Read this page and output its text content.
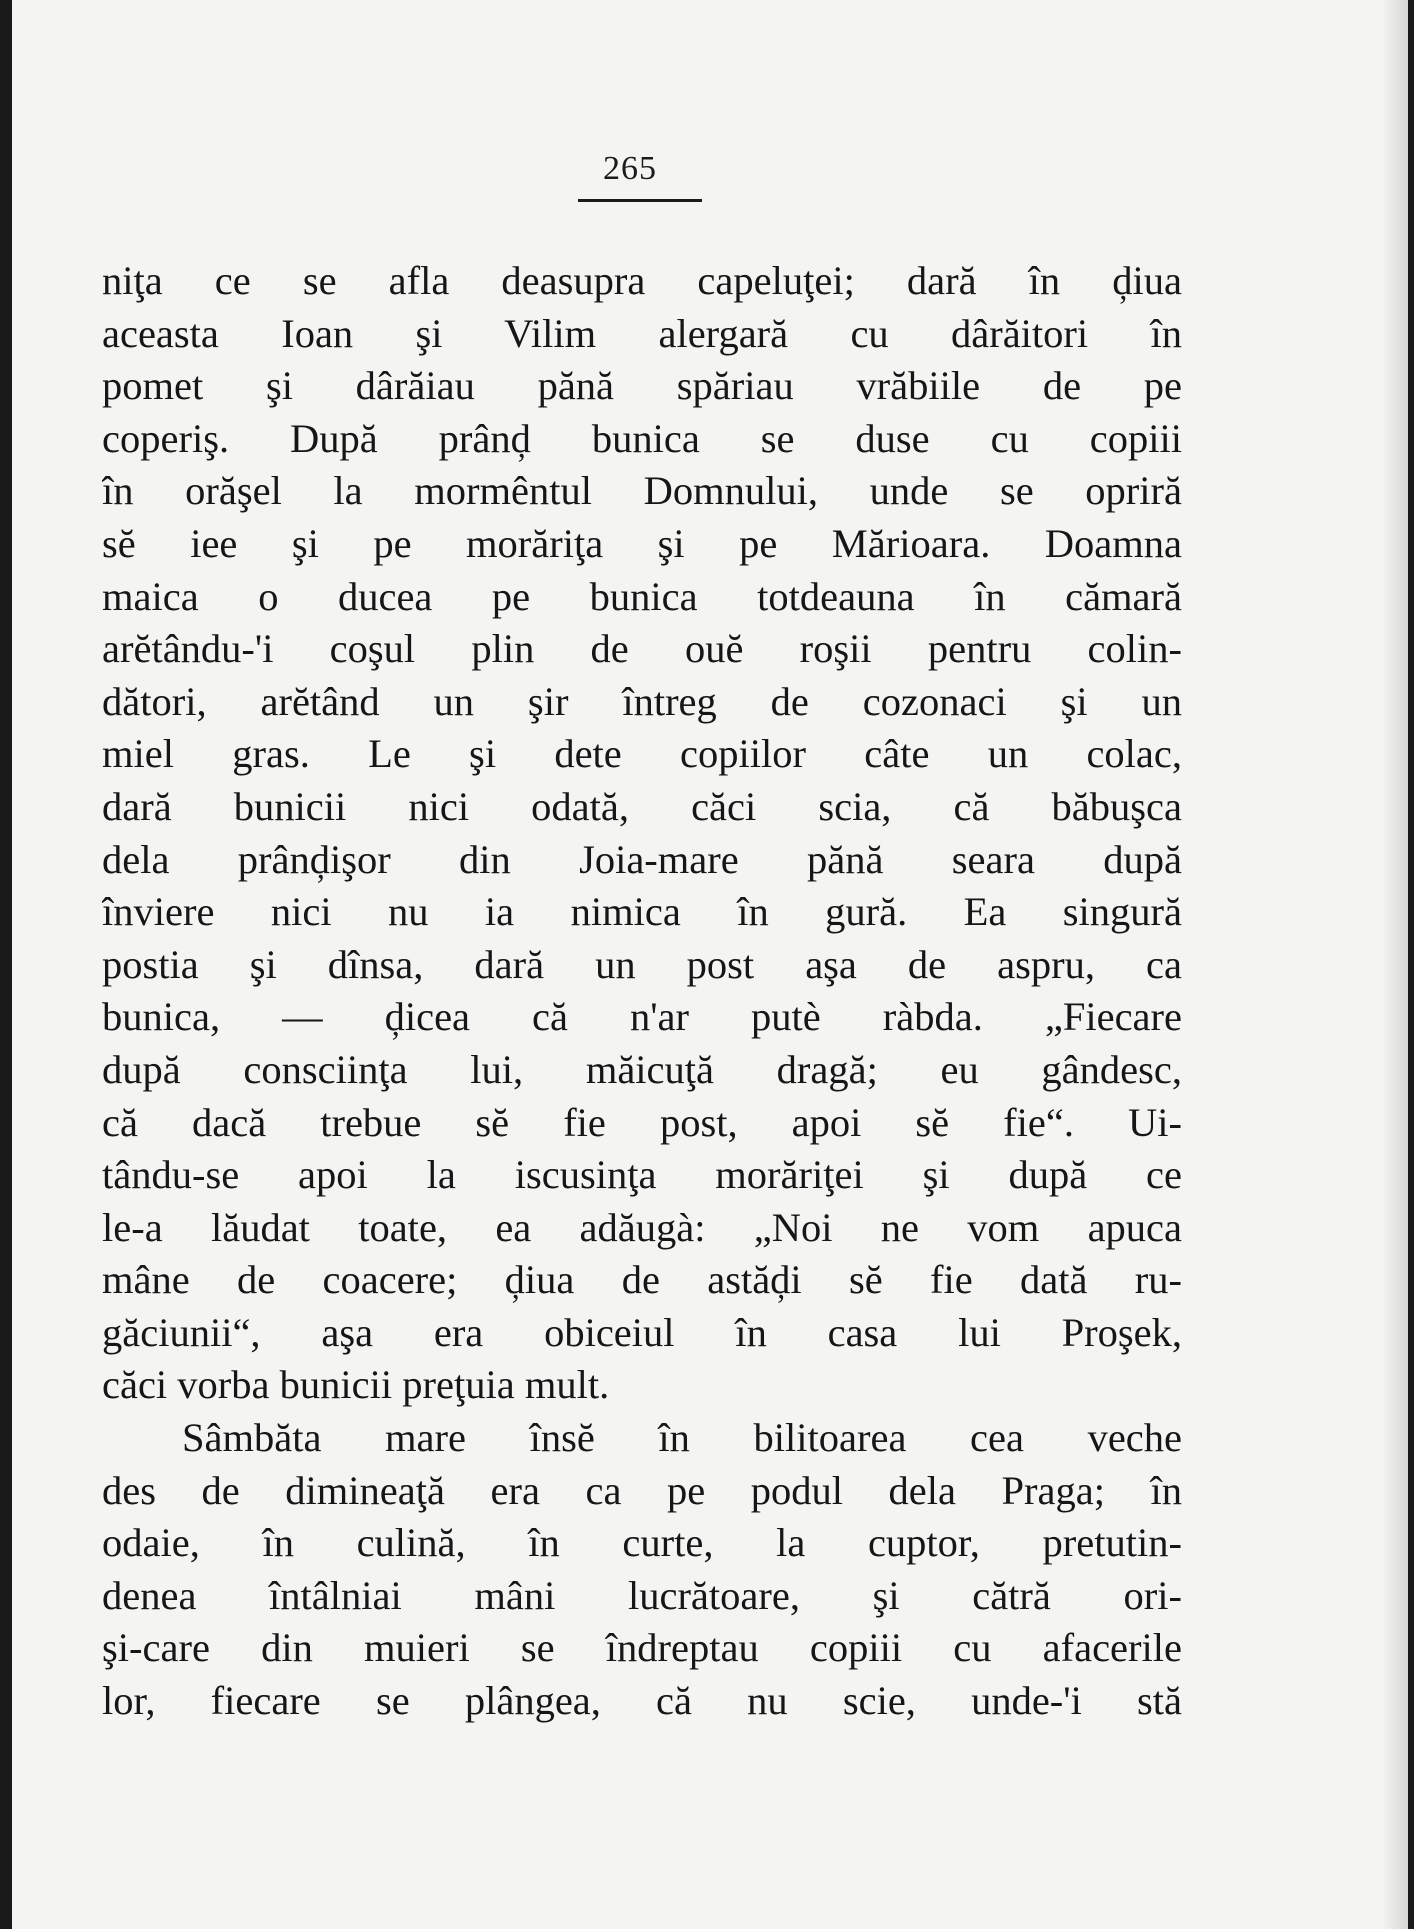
265
niţa ce se afla deasupra capeluţei; dară în ḑiua
aceasta Ioan şi Vilim alergară cu dârăitori în
pomet şi dârăiau pănă spăriau vrăbiile de pe
coperiş. După prânḑ bunica se duse cu copiii
în orăşel la mormêntul Domnului, unde se opriră
sĕ iee şi pe morăriţa şi pe Mărioara. Doamna
maica o ducea pe bunica totdeauna în cămară
arĕtându-'i coşul plin de ouĕ roşii pentru colin-
dători, arĕtând un şir întreg de cozonaci şi un
miel gras. Le şi dete copiilor câte un colac,
dară bunicii nici odată, căci scia, că băbuşca
dela prânḑişor din Joia-mare pănă seara după
înviere nici nu ia nimica în gură. Ea singură
postia şi dînsa, dară un post aşa de aspru, ca
bunica, — ḑicea că n'ar putè ràbda. „Fiecare
după consciinţa lui, măicuţă dragă; eu gândesc,
că dacă trebue sĕ fie post, apoi sĕ fie“. Ui-
tându-se apoi la iscusinţa morăriţei şi după ce
le-a lăudat toate, ea adăugà: „Noi ne vom apuca
mâne de coacere; ḑiua de astăḑi sĕ fie dată ru-
găciunii“, aşa era obiceiul în casa lui Proşek,
căci vorba bunicii preţuia mult.
Sâmbăta mare însĕ în bilitoarea cea veche
des de dimineaţă era ca pe podul dela Praga; în
odaie, în culină, în curte, la cuptor, pretutin-
denea întâlniai mâni lucrătoare, şi cătră ori-
şi-care din muieri se îndreptau copiii cu afacerile
lor, fiecare se plângea, că nu scie, unde-'i stă
